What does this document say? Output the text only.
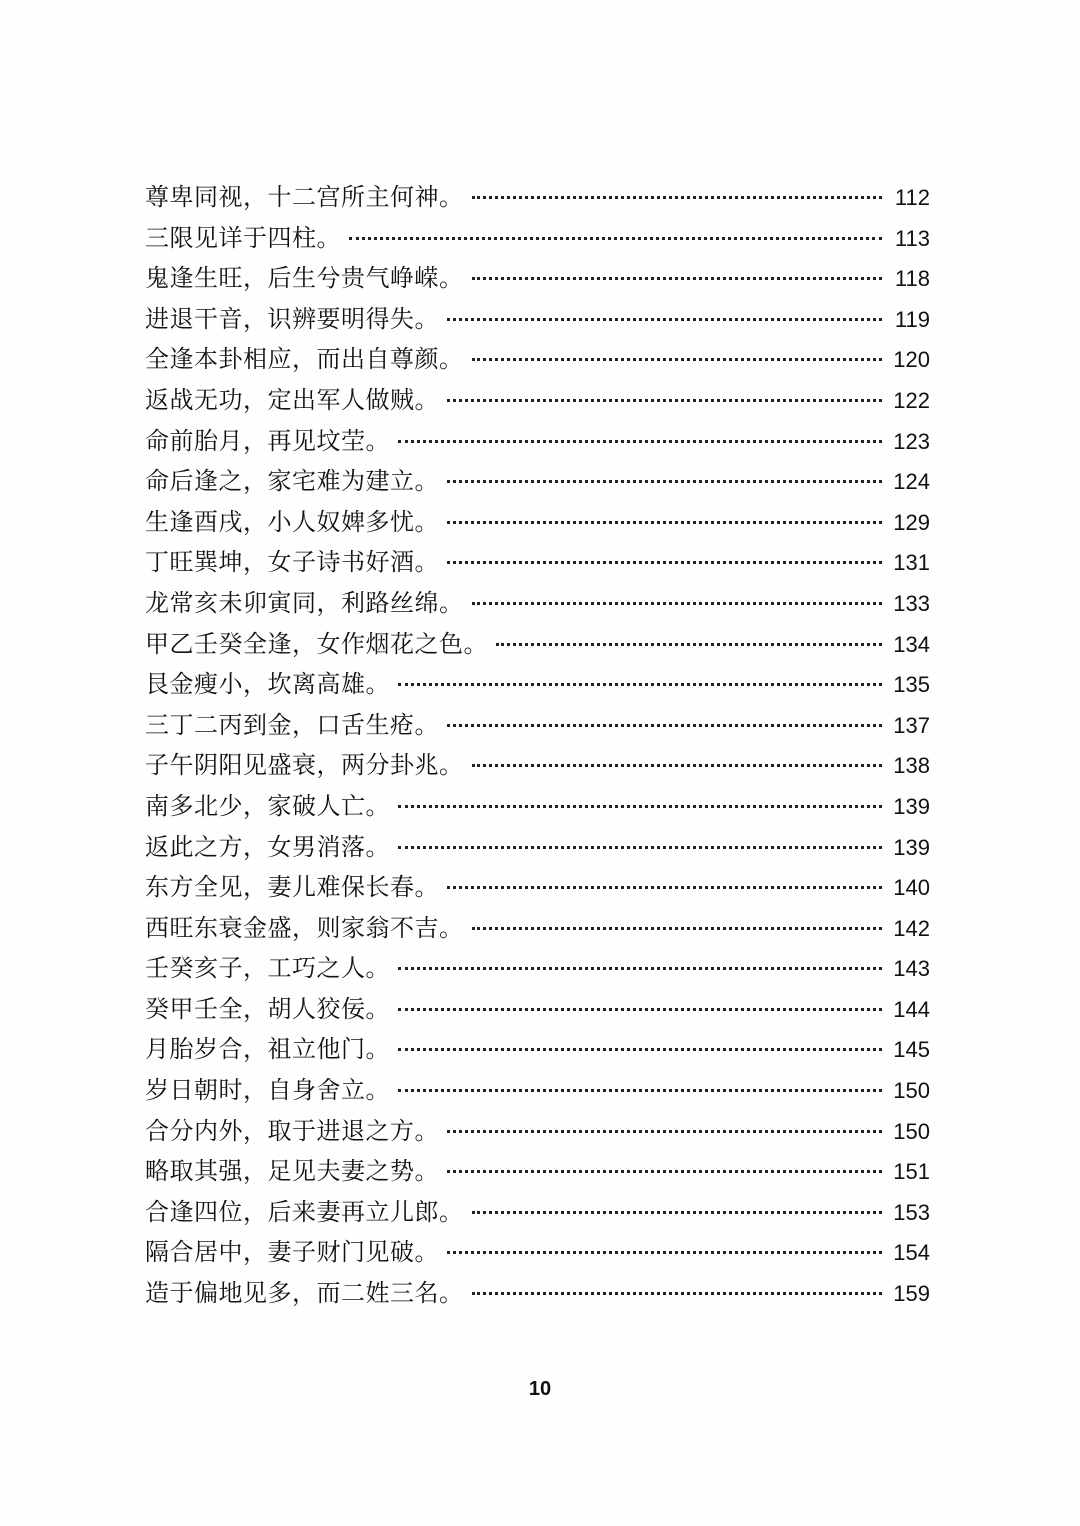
尊卑同视，十二宫所主何神。	112
三限见详于四柱。	113
鬼逢生旺，后生兮贵气峥嵘。	118
进退干音，识辨要明得失。	119
全逢本卦相应，而出自尊颜。	120
返战无功，定出军人做贼。	122
命前胎月，再见坟茔。	123
命后逢之，家宅难为建立。	124
生逢酉戌，小人奴婢多忧。	129
丁旺巽坤，女子诗书好酒。	131
龙常亥未卯寅同，利路丝绵。	133
甲乙壬癸全逢，女作烟花之色。	134
艮金瘦小，坎离高雄。	135
三丁二丙到金，口舌生疮。	137
子午阴阳见盛衰，两分卦兆。	138
南多北少，家破人亡。	139
返此之方，女男消落。	139
东方全见，妻儿难保长春。	140
西旺东衰金盛，则家翁不吉。	142
壬癸亥子，工巧之人。	143
癸甲壬全，胡人狡佞。	144
月胎岁合，祖立他门。	145
岁日朝时，自身舍立。	150
合分内外，取于进退之方。	150
略取其强，足见夫妻之势。	151
合逢四位，后来妻再立儿郎。	153
隔合居中，妻子财门见破。	154
造于偏地见多，而二姓三名。	159
10
